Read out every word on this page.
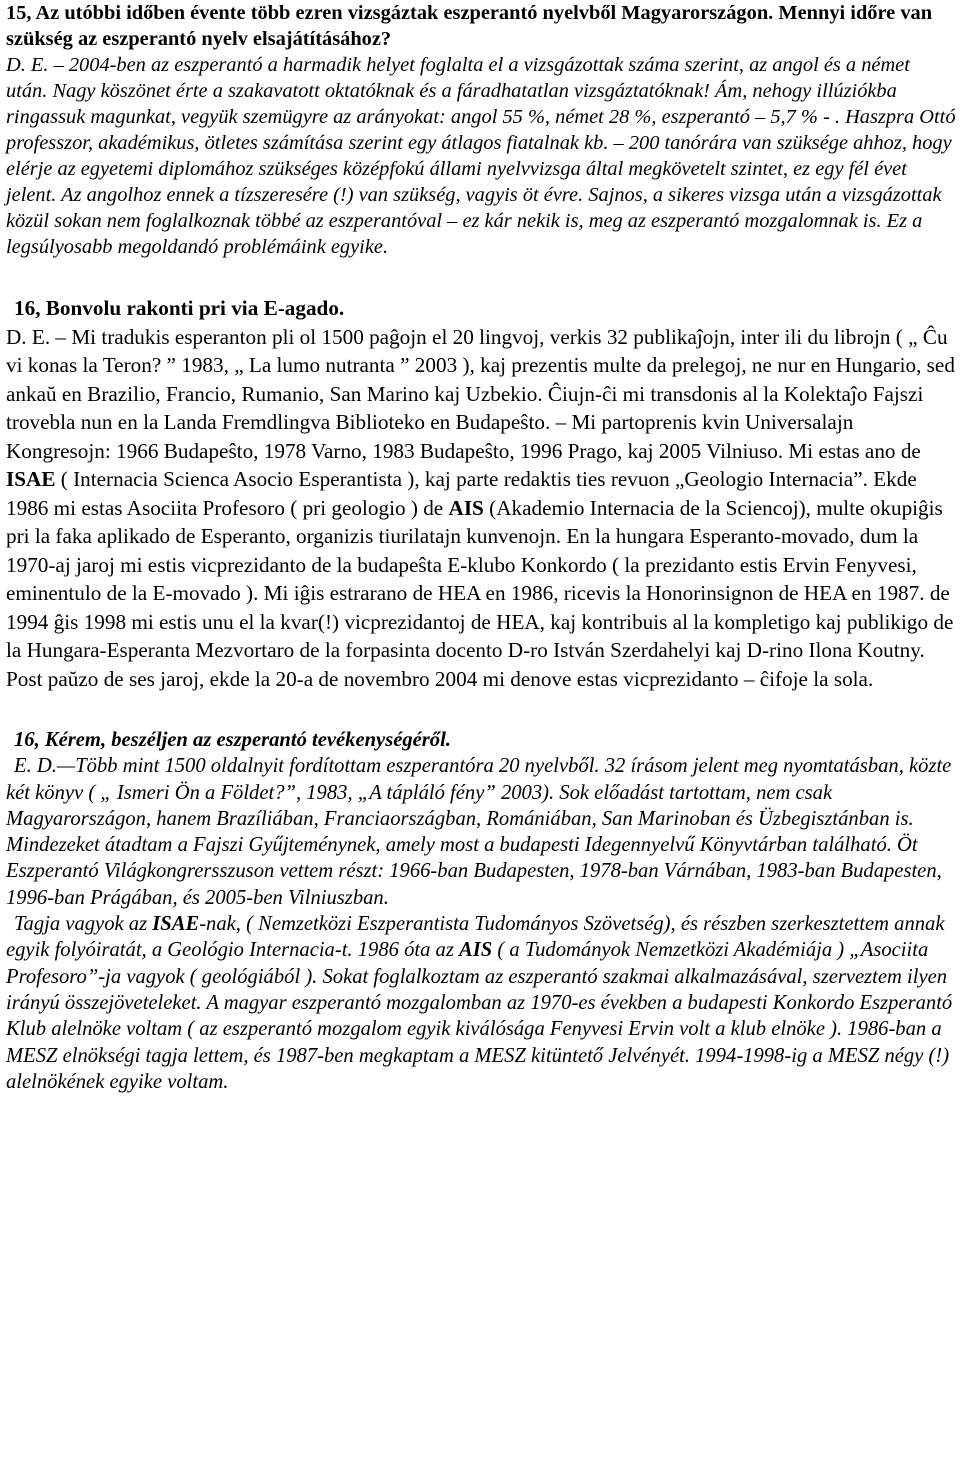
15, Az utóbbi időben évente több ezren vizsgáztak eszperantó nyelvből Magyarországon. Mennyi időre van szükség az eszperantó nyelv elsajátításához?
D. E. – 2004-ben az eszperantó a harmadik helyet foglalta el a vizsgázottak száma szerint, az angol és a német után. Nagy köszönet érte a szakavatott oktatóknak és a fáradhatatlan vizsgáztatóknak! Ám, nehogy illúziókba ringassuk magunkat, vegyük szemügyre az arányokat: angol 55 %, német 28 %, eszperantó – 5,7 % - . Haszpra Ottó professzor, akadémikus, ötletes számítása szerint egy átlagos fiatalnak kb. – 200 tanórára van szüksége ahhoz, hogy elérje az egyetemi diplomához szükséges középfokú állami nyelvvizsga által megkövetelt szintet, ez egy fél évet jelent. Az angolhoz ennek a tízszeresére (!) van szükség, vagyis öt évre. Sajnos, a sikeres vizsga után a vizsgázottak közül sokan nem foglalkoznak többé az eszperantóval – ez kár nekik is, meg az eszperantó mozgalomnak is. Ez a legsúlyosabb megoldandó problémáink egyike.
16, Bonvolu rakonti pri via E-agado.
D. E. – Mi tradukis esperanton pli ol 1500 paĝojn el 20 lingvoj, verkis 32 publikaĵojn, inter ili du librojn ( „ Ĉu vi konas la Teron? ” 1983, „ La lumo nutranta ” 2003 ), kaj prezentis multe da prelegoj, ne nur en Hungario, sed ankaŭ en Brazilio, Francio, Rumanio, San Marino kaj Uzbekio. Ĉiujn-ĉi mi transdonis al la Kolektaĵo Fajszi trovebla nun en la Landa Fremdlingva Biblioteko en Budapeŝto. – Mi partoprenis kvin Universalajn Kongresojn: 1966 Budapeŝto, 1978 Varno, 1983 Budapeŝto, 1996 Prago, kaj 2005 Vilniuso. Mi estas ano de ISAE ( Internacia Scienca Asocio Esperantista ), kaj parte redaktis ties revuon „Geologio Internacia”. Ekde 1986 mi estas Asociita Profesoro ( pri geologio ) de AIS (Akademio Internacia de la Sciencoj), multe okupiĝis pri la faka aplikado de Esperanto, organizis tiurilatajn kunvenojn. En la hungara Esperanto-movado, dum la 1970-aj jaroj mi estis vicprezidanto de la budapeŝta E-klubo Konkordo ( la prezidanto estis Ervin Fenyvesi, eminentulo de la E-movado ). Mi iĝis estrarano de HEA en 1986, ricevis la Honorinsignon de HEA en 1987. de 1994 ĝis 1998 mi estis unu el la kvar(!) vicprezidantoj de HEA, kaj kontribuis al la kompletigo kaj publikigo de la Hungara-Esperanta Mezvortaro de la forpasinta docento D-ro István Szerdahelyi kaj D-rino Ilona Koutny. Post paŭzo de ses jaroj, ekde la 20-a de novembro 2004 mi denove estas vicprezidanto – ĉifoje la sola.
16, Kérem, beszéljen az eszperantó tevékenységéről.
E. D.—Több mint 1500 oldalnyit fordítottam eszperantóra 20 nyelvből. 32 írásom jelent meg nyomtatásban, közte két könyv ( „ Ismeri Ön a Földet?”, 1983, „A tápláló fény” 2003). Sok előadást tartottam, nem csak Magyarországon, hanem Brazíliában, Franciaországban, Romániában, San Marinoban és Üzbegisztánban is. Mindezeket átadtam a Fajszi Gyűjteménynek, amely most a budapesti Idegennyelvű Könyvtárban található. Öt Eszperantó Világkongrersszuson vettem részt: 1966-ban Budapesten, 1978-ban Várnában, 1983-ban Budapesten, 1996-ban Prágában, és 2005-ben Vilniuszban.
Tagja vagyok az ISAE-nak, ( Nemzetközi Eszperantista Tudományos Szövetség), és részben szerkesztettem annak egyik folyóiratát, a Geológio Internacia-t. 1986 óta az AIS ( a Tudományok Nemzetközi Akadémiája ) „Asociita Profesoro”-ja vagyok ( geológiából ). Sokat foglalkoztam az eszperantó szakmai alkalmazásával, szerveztem ilyen irányú összejöveteleket. A magyar eszperantó mozgalomban az 1970-es években a budapesti Konkordo Eszperantó Klub alelnöke voltam ( az eszperantó mozgalom egyik kiválósága Fenyvesi Ervin volt a klub elnöke ). 1986-ban a MESZ elnökségi tagja lettem, és 1987-ben megkaptam a MESZ kitüntető Jelvényét. 1994-1998-ig a MESZ négy (!) alelnökének egyike voltam.
